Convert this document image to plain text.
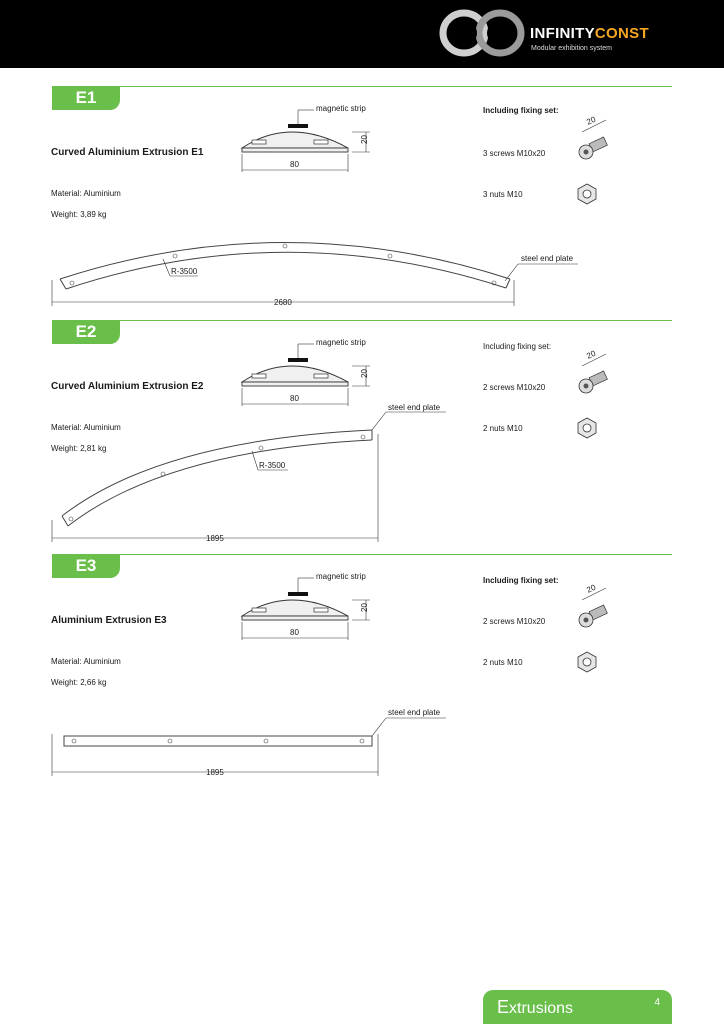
INFINITYCONST
Modular exhibition system
E1
Curved Aluminium Extrusion E1
Material: Aluminium
Weight: 3,89 kg
Including fixing set:
3 screws M10x20
3 nuts M10
magnetic strip
80
20
20
R-3500
steel end plate
2680
E2
Curved Aluminium Extrusion E2
Material: Aluminium
Weight: 2,81 kg
Including fixing set:
2 screws M10x20
2 nuts M10
magnetic strip
80
20
20
R-3500
steel end plate
1895
E3
Aluminium Extrusion E3
Material: Aluminium
Weight: 2,66 kg
Including fixing set:
2 screws M10x20
2 nuts M10
magnetic strip
80
20
20
steel end plate
1895
Extrusions	4
